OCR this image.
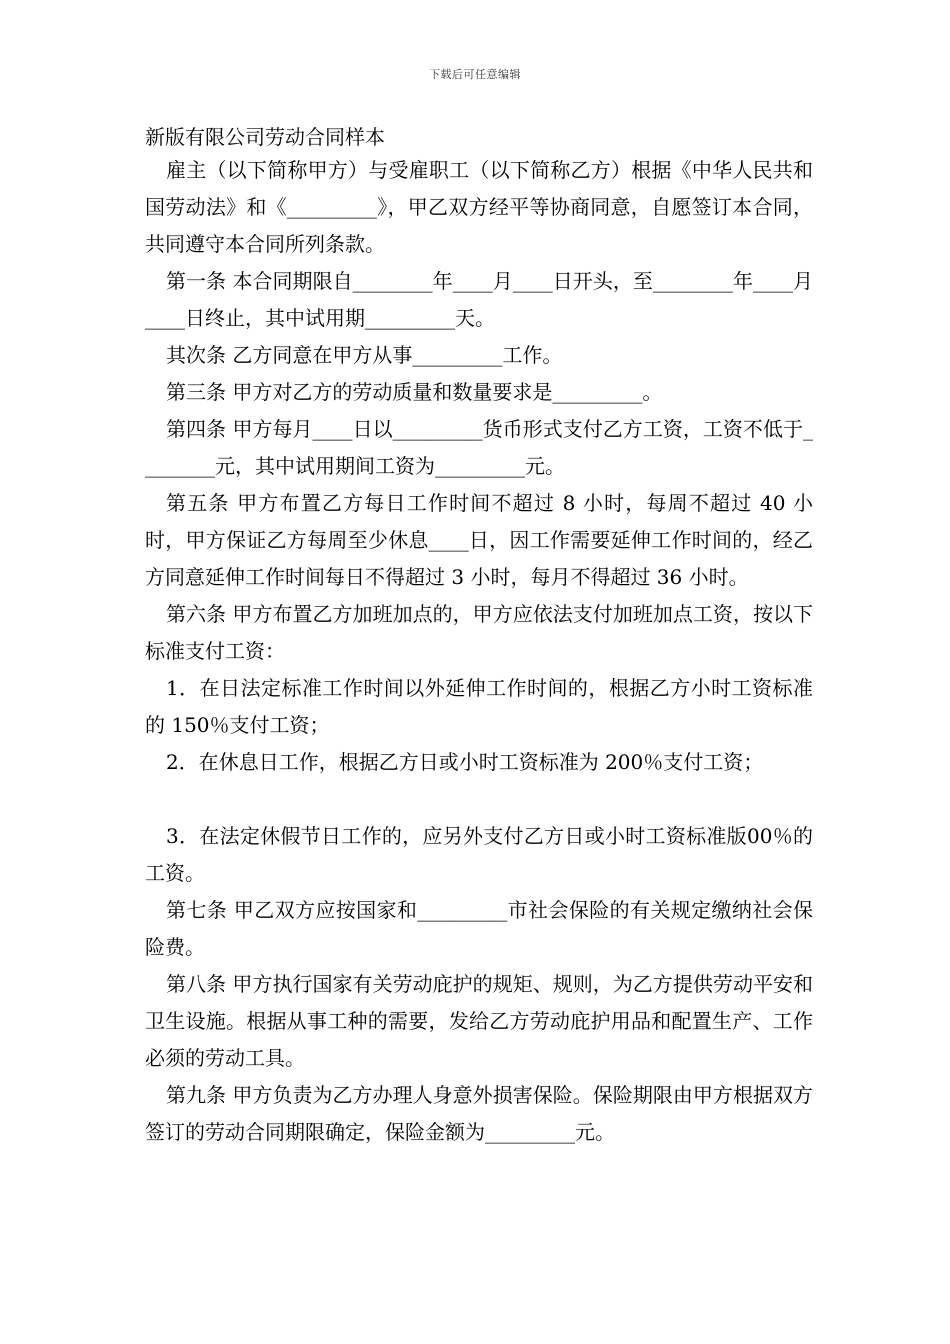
下载后可任意编辑

新版有限公司劳动合同样本

雇主（以下简称甲方）与受雇职工（以下简称乙方）根据《中华人民共和国劳动法》和《_________》，甲乙双方经平等协商同意，自愿签订本合同，共同遵守本合同所列条款。

第一条 本合同期限自________年____月____日开头，至________年____月____日终止，其中试用期_________天。

其次条 乙方同意在甲方从事_________工作。

第三条 甲方对乙方的劳动质量和数量要求是_________。

第四条 甲方每月____日以_________货币形式支付乙方工资，工资不低于________元，其中试用期间工资为_________元。

第五条 甲方布置乙方每日工作时间不超过 8 小时，每周不超过 40 小时，甲方保证乙方每周至少休息____日，因工作需要延伸工作时间的，经乙方同意延伸工作时间每日不得超过 3 小时，每月不得超过 36 小时。

第六条 甲方布置乙方加班加点的，甲方应依法支付加班加点工资，按以下标准支付工资：

1．在日法定标准工作时间以外延伸工作时间的，根据乙方小时工资标准的 150％支付工资；

2．在休息日工作，根据乙方日或小时工资标准为 200％支付工资；

3．在法定休假节日工作的，应另外支付乙方日或小时工资标准版00％的工资。

第七条 甲乙双方应按国家和_________市社会保险的有关规定缴纳社会保险费。

第八条 甲方执行国家有关劳动庇护的规矩、规则，为乙方提供劳动平安和卫生设施。根据从事工种的需要，发给乙方劳动庇护用品和配置生产、工作必须的劳动工具。

第九条 甲方负责为乙方办理人身意外损害保险。保险期限由甲方根据双方签订的劳动合同期限确定，保险金额为_________元。
